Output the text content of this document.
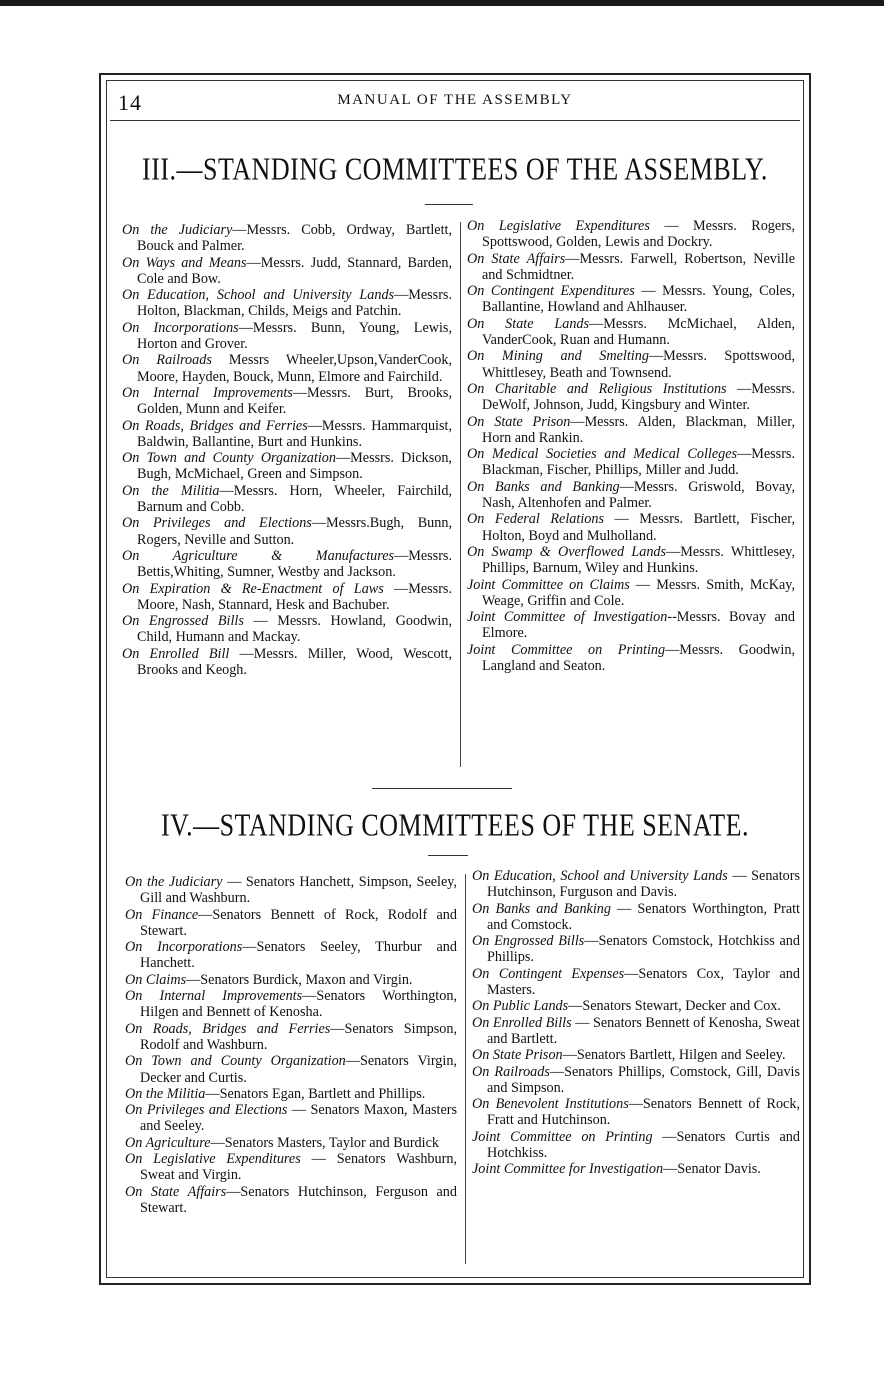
14	MANUAL OF THE ASSEMBLY
III.—STANDING COMMITTEES OF THE ASSEMBLY.

On the Judiciary—Messrs. Cobb, Ordway, Bartlett, Bouck and Palmer.

On Ways and Means—Messrs. Judd, Stannard, Barden, Cole and Bow.

On Education, School and University Lands—Messrs. Holton, Blackman, Childs, Meigs and Patchin.

On Incorporations—Messrs. Bunn, Young, Lewis, Horton and Grover.

On Railroads Messrs Wheeler,Upson,VanderCook, Moore, Hayden, Bouck, Munn, Elmore and Fairchild.

On Internal Improvements—Messrs. Burt, Brooks, Golden, Munn and Keifer.

On Roads, Bridges and Ferries—Messrs. Hammarquist, Baldwin, Ballantine, Burt and Hunkins.

On Town and County Organization—Messrs. Dickson, Bugh, McMichael, Green and Simpson.

On the Militia—Messrs. Horn, Wheeler, Fairchild, Barnum and Cobb.

On Privileges and Elections—Messrs.Bugh, Bunn, Rogers, Neville and Sutton.

On Agriculture & Manufactures—Messrs. Bettis,Whiting, Sumner, Westby and Jackson.

On Expiration & Re-Enactment of Laws —Messrs. Moore, Nash, Stannard, Hesk and Bachuber.

On Engrossed Bills — Messrs. Howland, Goodwin, Child, Humann and Mackay.

On Enrolled Bill —Messrs. Miller, Wood, Wescott, Brooks and Keogh.

On Legislative Expenditures — Messrs. Rogers, Spottswood, Golden, Lewis and Dockry.

On State Affairs—Messrs. Farwell, Robertson, Neville and Schmidtner.

On Contingent Expenditures — Messrs. Young, Coles, Ballantine, Howland and Ahlhauser.

On State Lands—Messrs. McMichael, Alden, VanderCook, Ruan and Humann.

On Mining and Smelting—Messrs. Spottswood, Whittlesey, Beath and Townsend.

On Charitable and Religious Institutions —Messrs. DeWolf, Johnson, Judd, Kingsbury and Winter.

On State Prison—Messrs. Alden, Blackman, Miller, Horn and Rankin.

On Medical Societies and Medical Colleges—Messrs. Blackman, Fischer, Phillips, Miller and Judd.

On Banks and Banking—Messrs. Griswold, Bovay, Nash, Altenhofen and Palmer.

On Federal Relations — Messrs. Bartlett, Fischer, Holton, Boyd and Mulholland.

On Swamp & Overflowed Lands—Messrs. Whittlesey, Phillips, Barnum, Wiley and Hunkins.

Joint Committee on Claims — Messrs. Smith, McKay, Weage, Griffin and Cole.

Joint Committee of Investigation--Messrs. Bovay and Elmore.

Joint Committee on Printing—Messrs. Goodwin, Langland and Seaton.

IV.—STANDING COMMITTEES OF THE SENATE.

On the Judiciary — Senators Hanchett, Simpson, Seeley, Gill and Washburn.

On Finance—Senators Bennett of Rock, Rodolf and Stewart.

On Incorporations—Senators Seeley, Thurbur and Hanchett.

On Claims—Senators Burdick, Maxon and Virgin.

On Internal Improvements—Senators Worthington, Hilgen and Bennett of Kenosha.

On Roads, Bridges and Ferries—Senators Simpson, Rodolf and Washburn.

On Town and County Organization—Senators Virgin, Decker and Curtis.

On the Militia—Senators Egan, Bartlett and Phillips.

On Privileges and Elections — Senators Maxon, Masters and Seeley.

On Agriculture—Senators Masters, Taylor and Burdick

On Legislative Expenditures — Senators Washburn, Sweat and Virgin.

On State Affairs—Senators Hutchinson, Ferguson and Stewart.

On Education, School and University Lands — Senators Hutchinson, Furguson and Davis.

On Banks and Banking — Senators Worthington, Pratt and Comstock.

On Engrossed Bills—Senators Comstock, Hotchkiss and Phillips.

On Contingent Expenses—Senators Cox, Taylor and Masters.

On Public Lands—Senators Stewart, Decker and Cox.

On Enrolled Bills — Senators Bennett of Kenosha, Sweat and Bartlett.

On State Prison—Senators Bartlett, Hilgen and Seeley.

On Railroads—Senators Phillips, Comstock, Gill, Davis and Simpson.

On Benevolent Institutions—Senators Bennett of Rock, Fratt and Hutchinson.

Joint Committee on Printing —Senators Curtis and Hotchkiss.

Joint Committee for Investigation—Senator Davis.
